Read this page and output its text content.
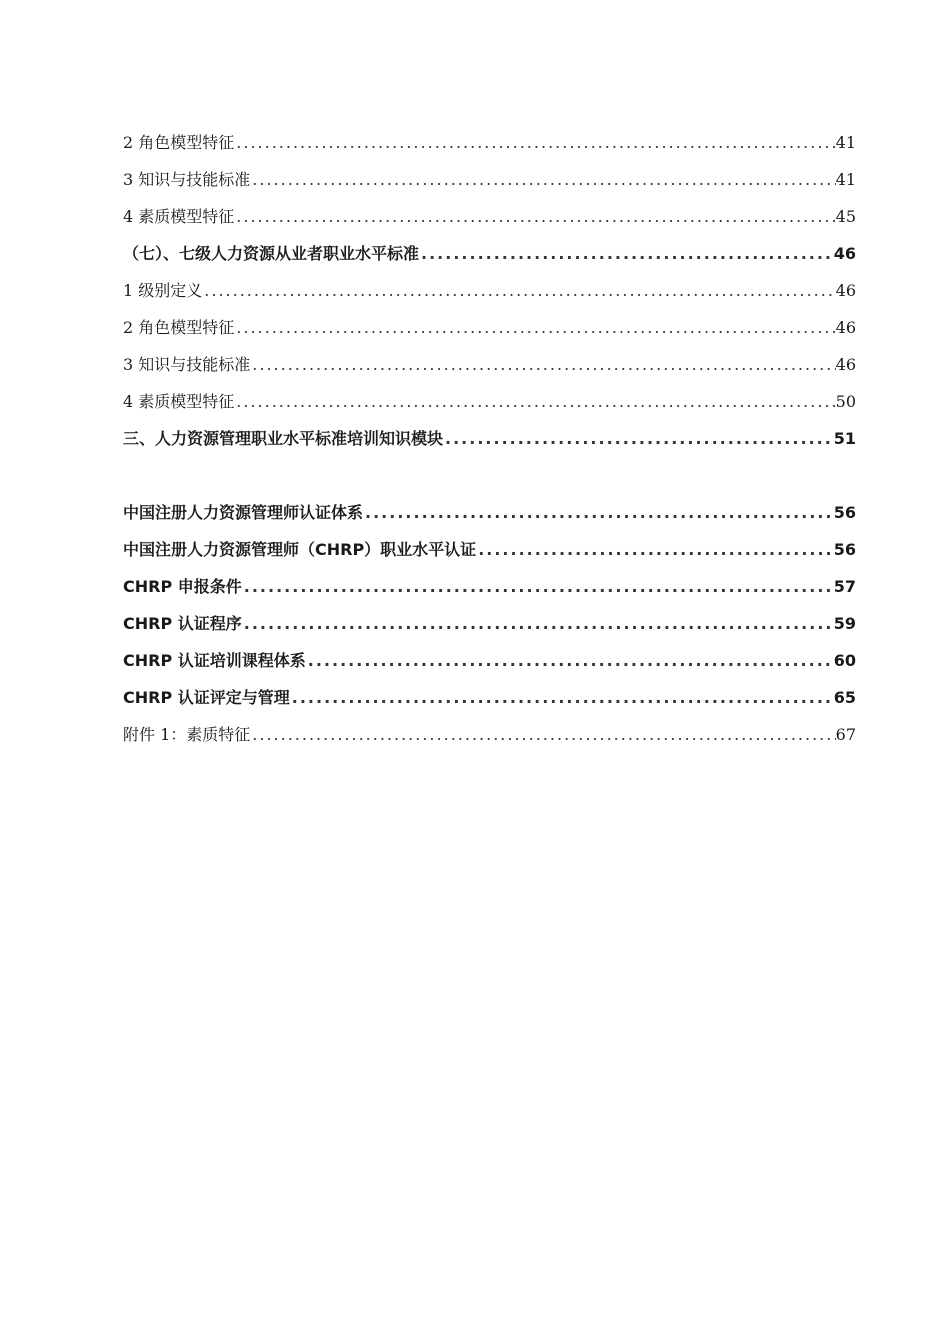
2 角色模型特征 .....	41
3 知识与技能标准 .....	41
4 素质模型特征 .....	45
（七）、七级人力资源从业者职业水平标准 .....	46
1 级别定义 .....	46
2 角色模型特征 .....	46
3 知识与技能标准 .....	46
4 素质模型特征 .....	50
三、人力资源管理职业水平标准培训知识模块 .....	51
中国注册人力资源管理师认证体系 .....	56
中国注册人力资源管理师（CHRP）职业水平认证 .....	56
CHRP 申报条件 .....	57
CHRP 认证程序 .....	59
CHRP 认证培训课程体系 .....	60
CHRP 认证评定与管理 .....	65
附件 1：素质特征 .....	67
